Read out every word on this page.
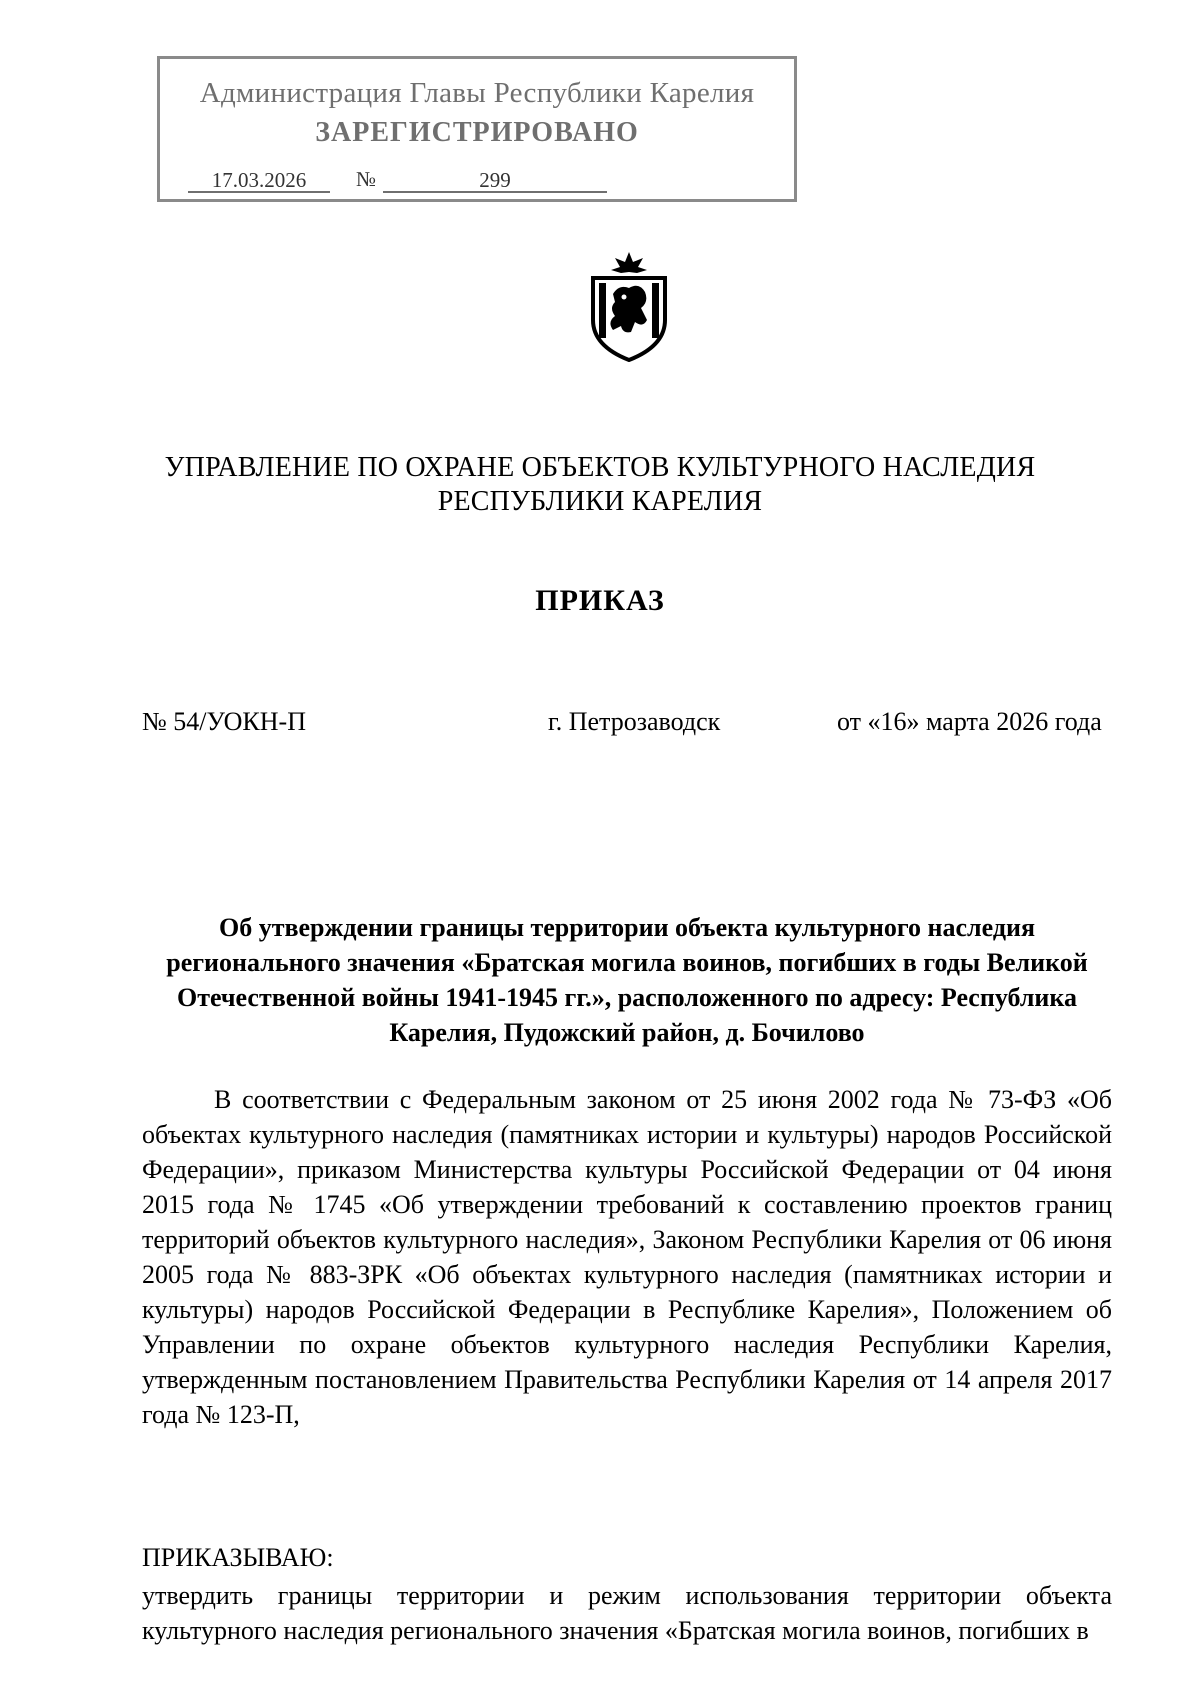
Администрация Главы Республики Карелия
ЗАРЕГИСТРИРОВАНО
17.03.2026	№	299
УПРАВЛЕНИЕ ПО ОХРАНЕ ОБЪЕКТОВ КУЛЬТУРНОГО НАСЛЕДИЯ
РЕСПУБЛИКИ КАРЕЛИЯ
ПРИКАЗ
№ 54/УОКН-П	г. Петрозаводск	от «16» марта 2026 года
Об утверждении границы территории объекта культурного наследия регионального значения «Братская могила воинов, погибших в годы Великой Отечественной войны 1941-1945 гг.», расположенного по адресу: Республика Карелия, Пудожский район, д. Бочилово
В соответствии с Федеральным законом от 25 июня 2002 года № 73-ФЗ «Об объектах культурного наследия (памятниках истории и культуры) народов Российской Федерации», приказом Министерства культуры Российской Федерации от 04 июня 2015 года № 1745 «Об утверждении требований к составлению проектов границ территорий объектов культурного наследия», Законом Республики Карелия от 06 июня 2005 года № 883-ЗРК «Об объектах культурного наследия (памятниках истории и культуры) народов Российской Федерации в Республике Карелия», Положением об Управлении по охране объектов культурного наследия Республики Карелия, утвержденным постановлением Правительства Республики Карелия от 14 апреля 2017 года № 123-П,
ПРИКАЗЫВАЮ:
утвердить границы территории и режим использования территории объекта культурного наследия регионального значения «Братская могила воинов, погибших в
